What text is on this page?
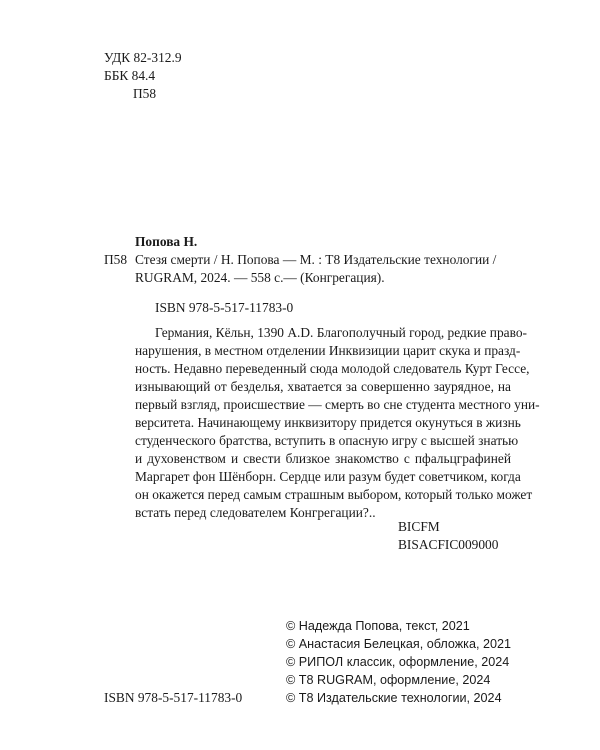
УДК 82-312.9
ББК 84.4
П58
Попова Н.
П58 Стезя смерти / Н. Попова — М. : Т8 Издательские технологии /
RUGRAM, 2024. — 558 с.— (Конгрегация).
ISBN 978-5-517-11783-0
Германия, Кёльн, 1390 A.D. Благополучный город, редкие право-
нарушения, в местном отделении Инквизиции царит скука и празд-
ность. Недавно переведенный сюда молодой следователь Курт Гессе,
изнывающий от безделья, хватается за совершенно заурядное, на
первый взгляд, происшествие — смерть во сне студента местного уни-
верситета. Начинающему инквизитору придется окунуться в жизнь
студенческого братства, вступить в опасную игру с высшей знатью
и духовенством и свести близкое знакомство с пфальцграфиней
Маргарет фон Шёнборн. Сердце или разум будет советчиком, когда
он окажется перед самым страшным выбором, который только может
встать перед следователем Конгрегации?..
BICFM
BISACFIC009000
© Надежда Попова, текст, 2021
© Анастасия Белецкая, обложка, 2021
© РИПОЛ классик, оформление, 2024
© Т8 RUGRAM, оформление, 2024
© Т8 Издательские технологии, 2024
ISBN 978-5-517-11783-0
